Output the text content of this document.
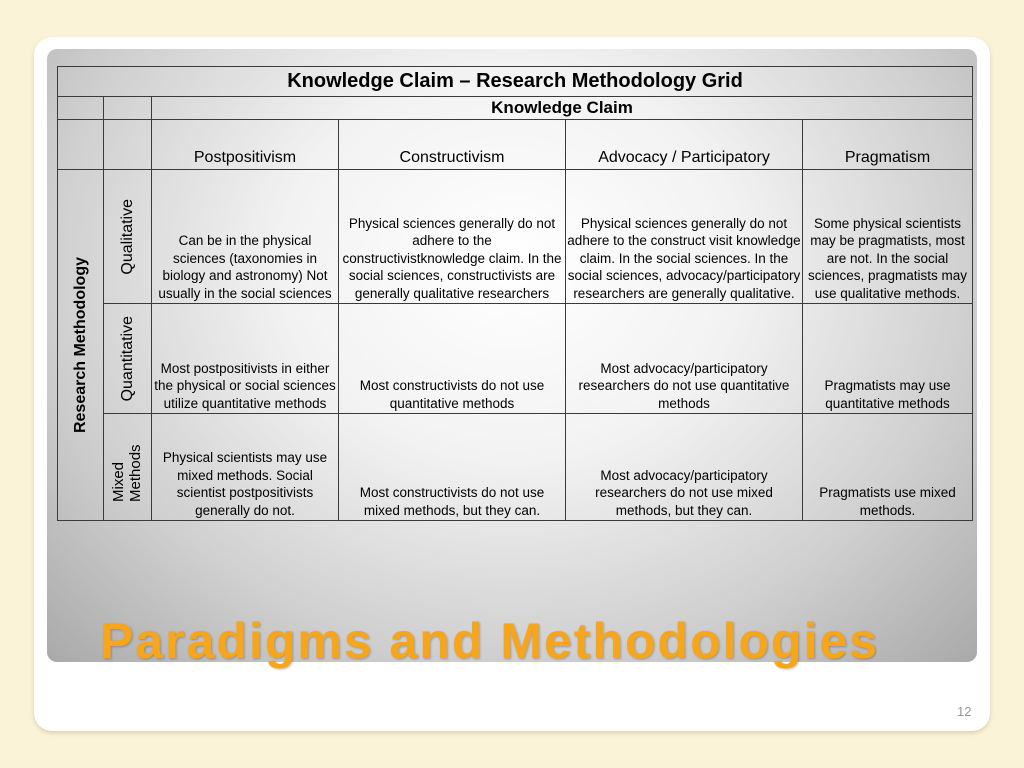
Knowledge Claim – Research Methodology Grid					
		Knowledge Claim			
		Postpositivism	Constructivism	Advocacy / Participatory	Pragmatism

Research Methodology	Qualitative	Can be in the physical sciences (taxonomies in biology and astronomy) Not usually in the social sciences	Physical sciences generally do not adhere to the constructivistknowledge claim. In the social sciences, constructivists are generally qualitative researchers	Physical sciences generally do not adhere to the construct visit knowledge claim. In the social sciences. In the social sciences, advocacy/participatory researchers are generally qualitative.	Some physical scientists may be pragmatists, most are not. In the social sciences, pragmatists may use qualitative methods.

	Quantitative	Most postpositivists in either the physical or social sciences utilize quantitative methods	Most constructivists do not use quantitative methods	Most advocacy/participatory researchers do not use quantitative methods	Pragmatists may use quantitative methods

	Mixed Methods	Physical scientists may use mixed methods. Social scientist postpositivists generally do not.	Most constructivists do not use mixed methods, but they can.	Most advocacy/participatory researchers do not use mixed methods, but they can.	Pragmatists use mixed methods.
Paradigms and Methodologies
12
